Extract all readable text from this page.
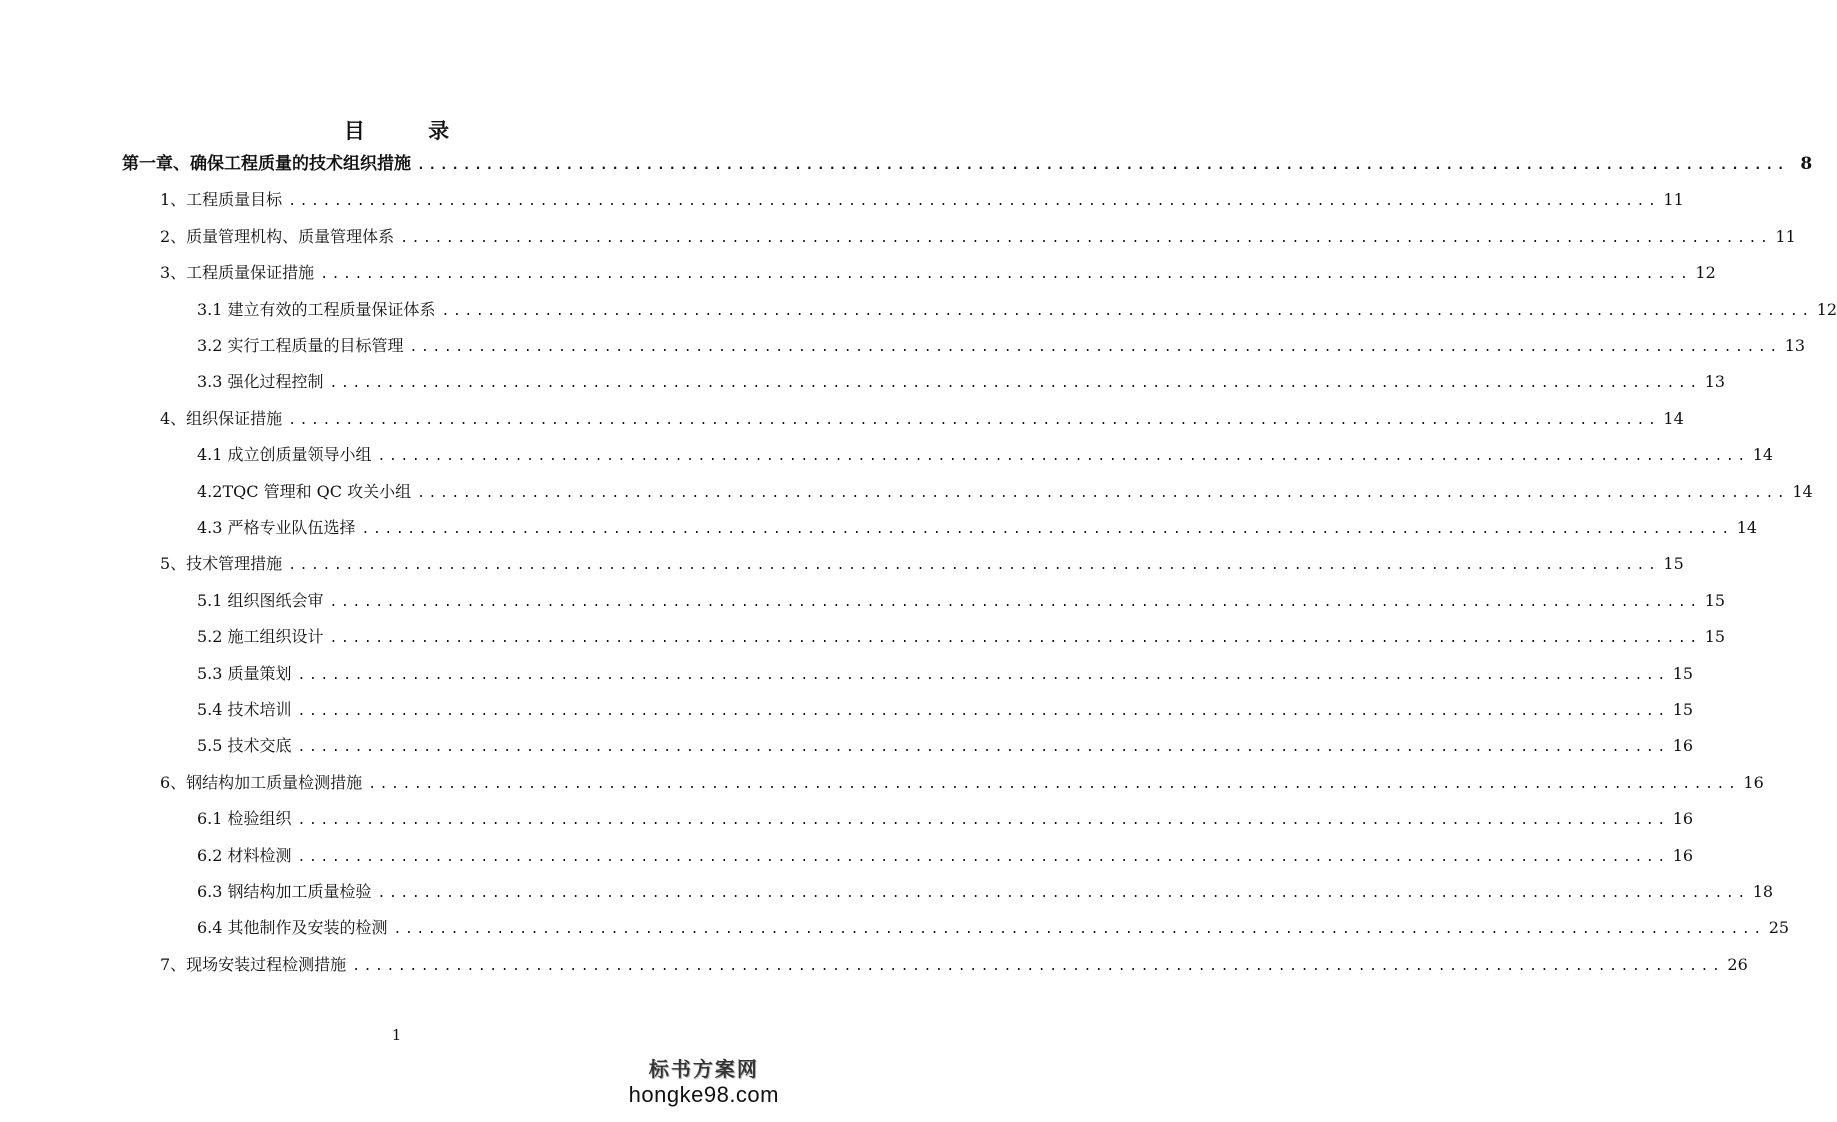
目 录
第一章、确保工程质量的技术组织措施 ........................................................................................................................ 8
1、工程质量目标 ........................................................................................................................ 11
2、质量管理机构、质量管理体系 ........................................................................................................................ 11
3、工程质量保证措施 ........................................................................................................................ 12
3.1 建立有效的工程质量保证体系 ........................................................................................................................ 12
3.2 实行工程质量的目标管理 ........................................................................................................................ 13
3.3 强化过程控制 ........................................................................................................................ 13
4、组织保证措施 ........................................................................................................................ 14
4.1 成立创质量领导小组 ........................................................................................................................ 14
4.2TQC 管理和 QC 攻关小组 ........................................................................................................................ 14
4.3 严格专业队伍选择 ........................................................................................................................ 14
5、技术管理措施 ........................................................................................................................ 15
5.1 组织图纸会审 ........................................................................................................................ 15
5.2 施工组织设计 ........................................................................................................................ 15
5.3 质量策划 ........................................................................................................................ 15
5.4 技术培训 ........................................................................................................................ 15
5.5 技术交底 ........................................................................................................................ 16
6、钢结构加工质量检测措施 ........................................................................................................................ 16
6.1 检验组织 ........................................................................................................................ 16
6.2 材料检测 ........................................................................................................................ 16
6.3 钢结构加工质量检验 ........................................................................................................................ 18
6.4 其他制作及安装的检测 ........................................................................................................................ 25
7、现场安装过程检测措施 ........................................................................................................................ 26
1
标书方案网
hongke98.com
